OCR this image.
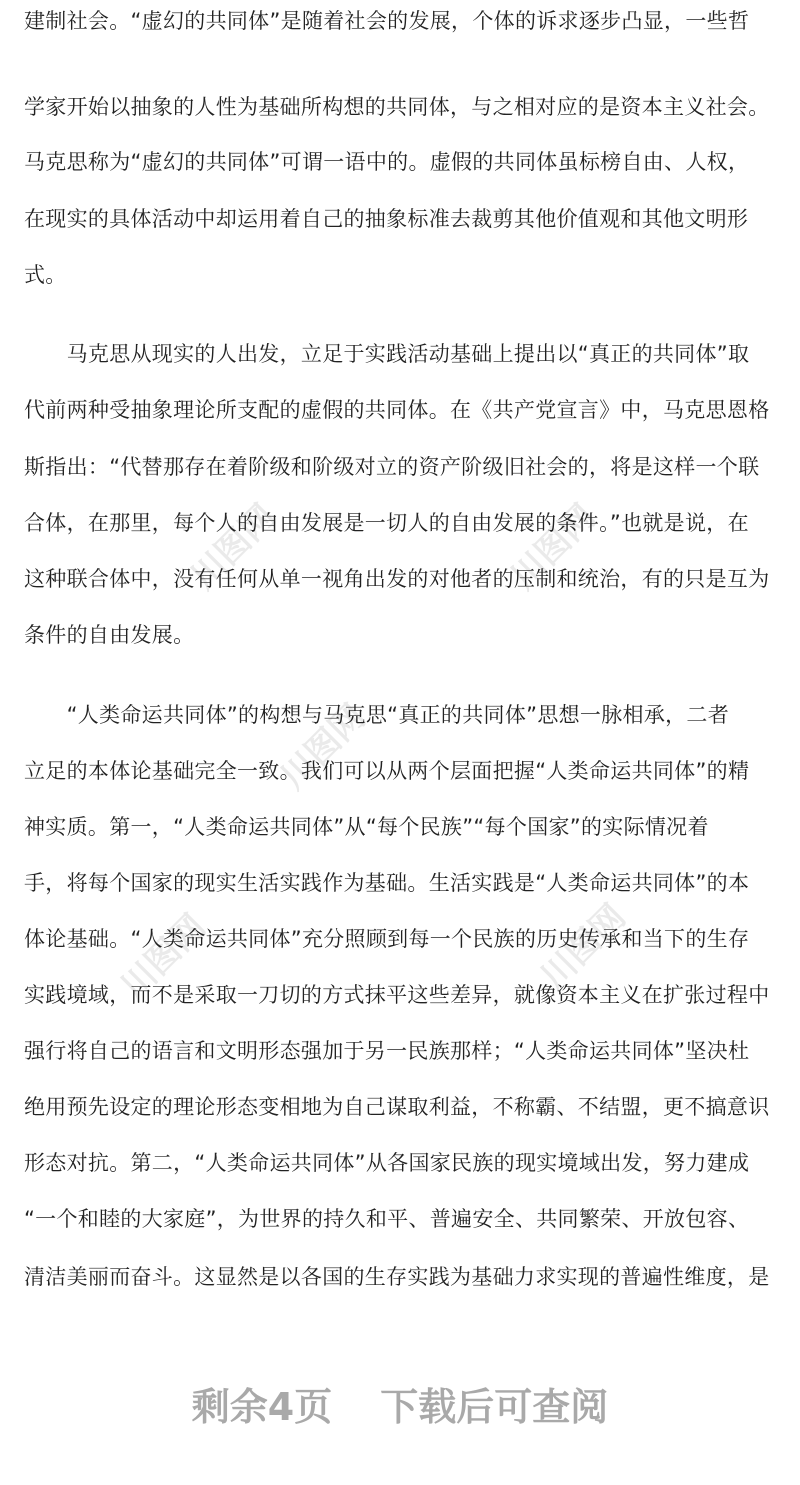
川图网	川图网
川图网
川图网	川图网
建制社会。“虚幻的共同体”是随着社会的发展，个体的诉求逐步凸显，一些哲
学家开始以抽象的人性为基础所构想的共同体，与之相对应的是资本主义社会。
马克思称为“虚幻的共同体”可谓一语中的。虚假的共同体虽标榜自由、人权，
在现实的具体活动中却运用着自己的抽象标准去裁剪其他价值观和其他文明形
式。
　　马克思从现实的人出发，立足于实践活动基础上提出以“真正的共同体”取
代前两种受抽象理论所支配的虚假的共同体。在《共产党宣言》中，马克思恩格
斯指出：“代替那存在着阶级和阶级对立的资产阶级旧社会的，将是这样一个联
合体，在那里，每个人的自由发展是一切人的自由发展的条件。”也就是说，在
这种联合体中，没有任何从单一视角出发的对他者的压制和统治，有的只是互为
条件的自由发展。
　　“人类命运共同体”的构想与马克思“真正的共同体”思想一脉相承，二者
立足的本体论基础完全一致。我们可以从两个层面把握“人类命运共同体”的精
神实质。第一，“人类命运共同体”从“每个民族”“每个国家”的实际情况着
手，将每个国家的现实生活实践作为基础。生活实践是“人类命运共同体”的本
体论基础。“人类命运共同体”充分照顾到每一个民族的历史传承和当下的生存
实践境域，而不是采取一刀切的方式抹平这些差异，就像资本主义在扩张过程中
强行将自己的语言和文明形态强加于另一民族那样；“人类命运共同体”坚决杜
绝用预先设定的理论形态变相地为自己谋取利益，不称霸、不结盟，更不搞意识
形态对抗。第二，“人类命运共同体”从各国家民族的现实境域出发，努力建成
“一个和睦的大家庭”，为世界的持久和平、普遍安全、共同繁荣、开放包容、
清洁美丽而奋斗。这显然是以各国的生存实践为基础力求实现的普遍性维度，是
剩余4页 下载后可查阅
